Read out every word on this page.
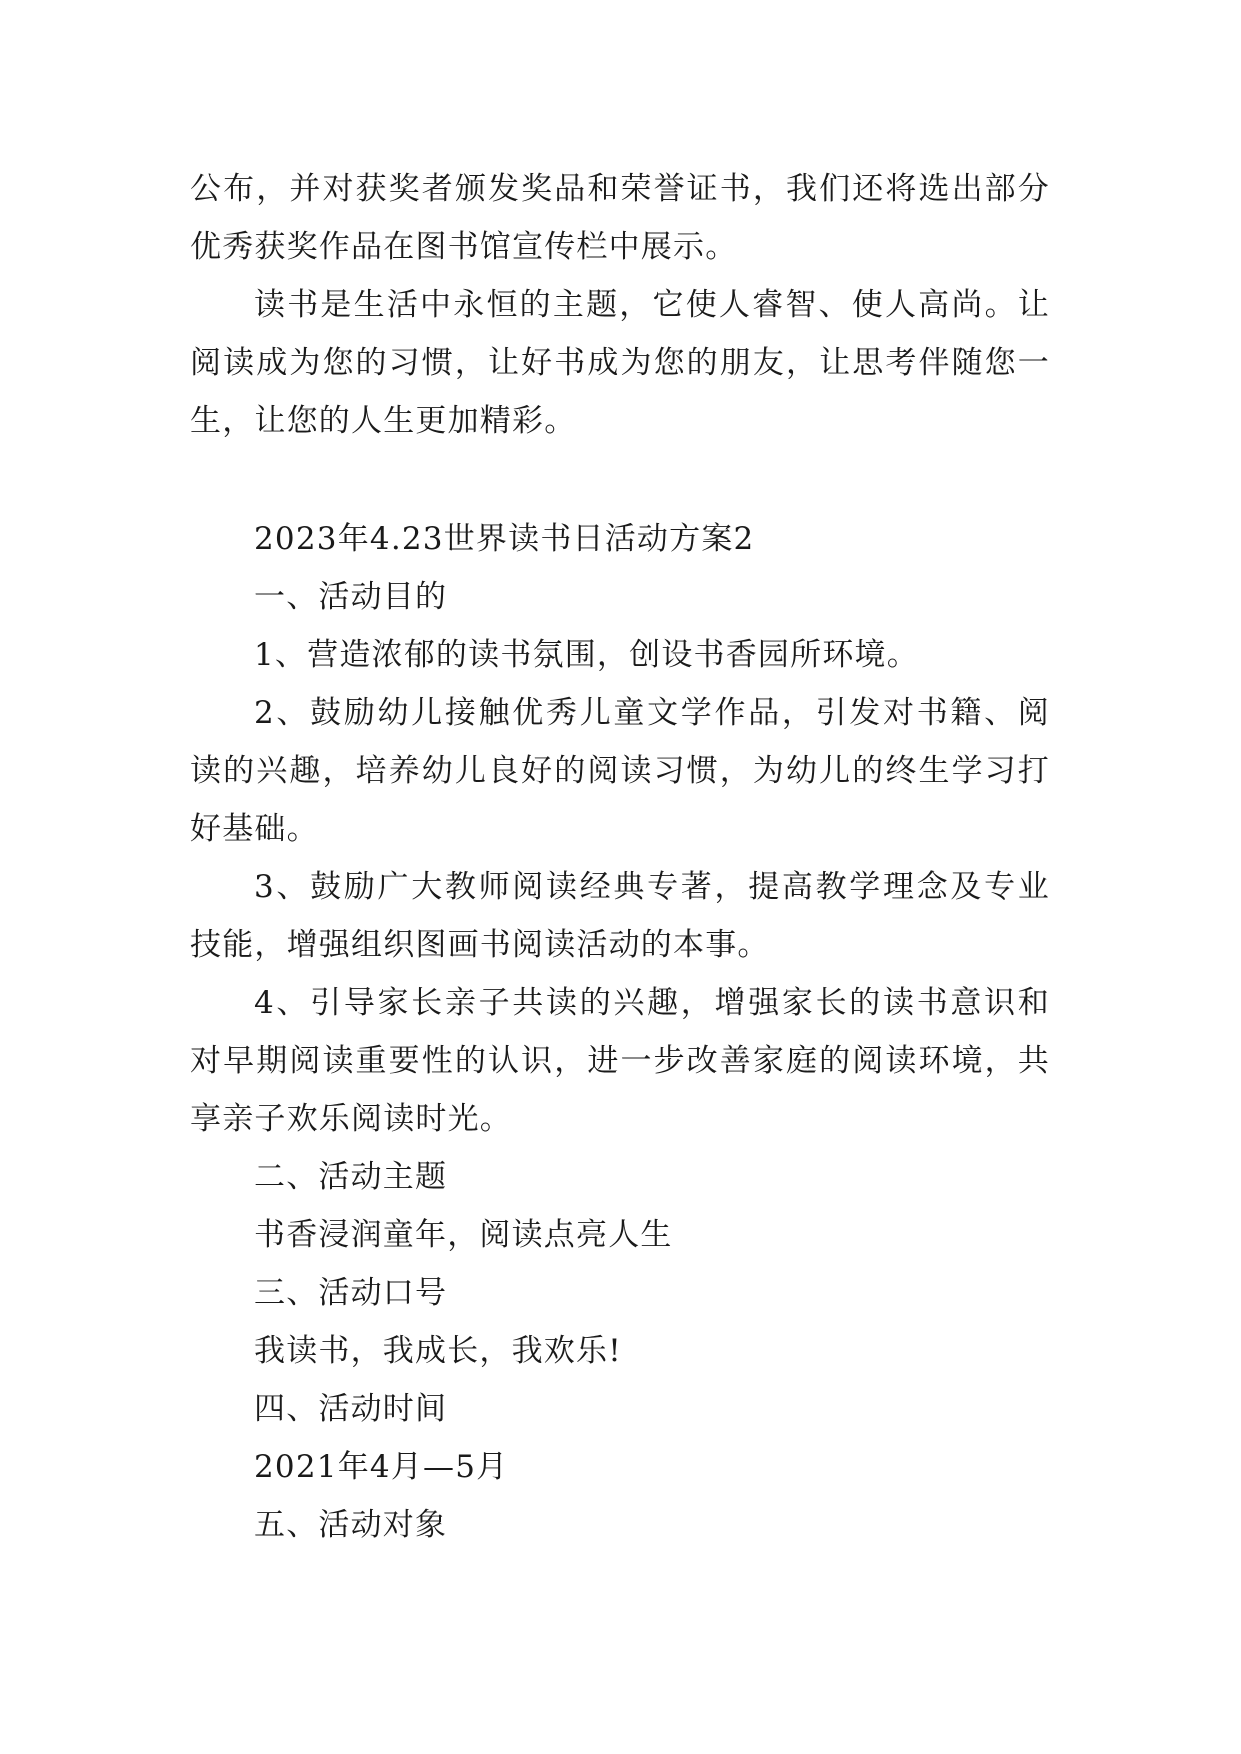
公布，并对获奖者颁发奖品和荣誉证书，我们还将选出部分
优秀获奖作品在图书馆宣传栏中展示。
读书是生活中永恒的主题，它使人睿智、使人高尚。让
阅读成为您的习惯，让好书成为您的朋友，让思考伴随您一
生，让您的人生更加精彩。
2023年4.23世界读书日活动方案2
一、活动目的
1、营造浓郁的读书氛围，创设书香园所环境。
2、鼓励幼儿接触优秀儿童文学作品，引发对书籍、阅
读的兴趣，培养幼儿良好的阅读习惯，为幼儿的终生学习打
好基础。
3、鼓励广大教师阅读经典专著，提高教学理念及专业
技能，增强组织图画书阅读活动的本事。
4、引导家长亲子共读的兴趣，增强家长的读书意识和
对早期阅读重要性的认识，进一步改善家庭的阅读环境，共
享亲子欢乐阅读时光。
二、活动主题
书香浸润童年，阅读点亮人生
三、活动口号
我读书，我成长，我欢乐!
四、活动时间
2021年4月—5月
五、活动对象
